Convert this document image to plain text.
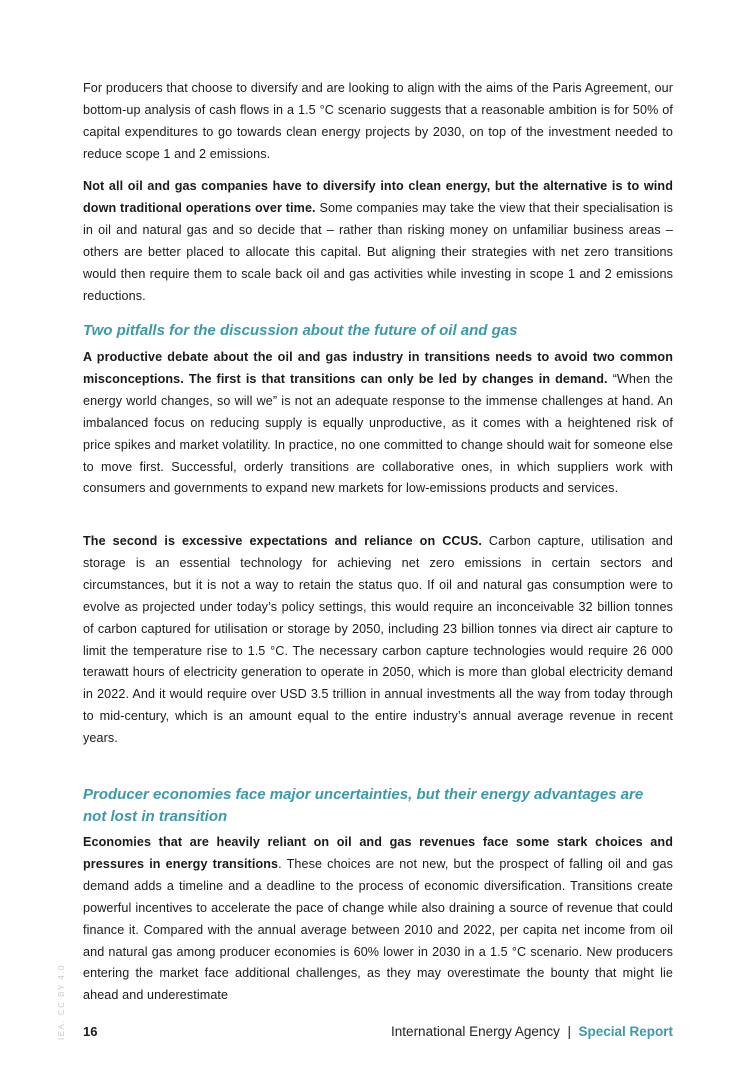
For producers that choose to diversify and are looking to align with the aims of the Paris Agreement, our bottom-up analysis of cash flows in a 1.5 °C scenario suggests that a reasonable ambition is for 50% of capital expenditures to go towards clean energy projects by 2030, on top of the investment needed to reduce scope 1 and 2 emissions.

Not all oil and gas companies have to diversify into clean energy, but the alternative is to wind down traditional operations over time. Some companies may take the view that their specialisation is in oil and natural gas and so decide that – rather than risking money on unfamiliar business areas – others are better placed to allocate this capital. But aligning their strategies with net zero transitions would then require them to scale back oil and gas activities while investing in scope 1 and 2 emissions reductions.

Two pitfalls for the discussion about the future of oil and gas

A productive debate about the oil and gas industry in transitions needs to avoid two common misconceptions. The first is that transitions can only be led by changes in demand. “When the energy world changes, so will we” is not an adequate response to the immense challenges at hand. An imbalanced focus on reducing supply is equally unproductive, as it comes with a heightened risk of price spikes and market volatility. In practice, no one committed to change should wait for someone else to move first. Successful, orderly transitions are collaborative ones, in which suppliers work with consumers and governments to expand new markets for low-emissions products and services.

The second is excessive expectations and reliance on CCUS. Carbon capture, utilisation and storage is an essential technology for achieving net zero emissions in certain sectors and circumstances, but it is not a way to retain the status quo. If oil and natural gas consumption were to evolve as projected under today’s policy settings, this would require an inconceivable 32 billion tonnes of carbon captured for utilisation or storage by 2050, including 23 billion tonnes via direct air capture to limit the temperature rise to 1.5 °C. The necessary carbon capture technologies would require 26 000 terawatt hours of electricity generation to operate in 2050, which is more than global electricity demand in 2022. And it would require over USD 3.5 trillion in annual investments all the way from today through to mid-century, which is an amount equal to the entire industry’s annual average revenue in recent years.

Producer economies face major uncertainties, but their energy advantages are not lost in transition

Economies that are heavily reliant on oil and gas revenues face some stark choices and pressures in energy transitions. These choices are not new, but the prospect of falling oil and gas demand adds a timeline and a deadline to the process of economic diversification. Transitions create powerful incentives to accelerate the pace of change while also draining a source of revenue that could finance it. Compared with the annual average between 2010 and 2022, per capita net income from oil and natural gas among producer economies is 60% lower in 2030 in a 1.5 °C scenario. New producers entering the market face additional challenges, as they may overestimate the bounty that might lie ahead and underestimate

IEA. CC BY 4.0 16	International Energy Agency | Special Report
